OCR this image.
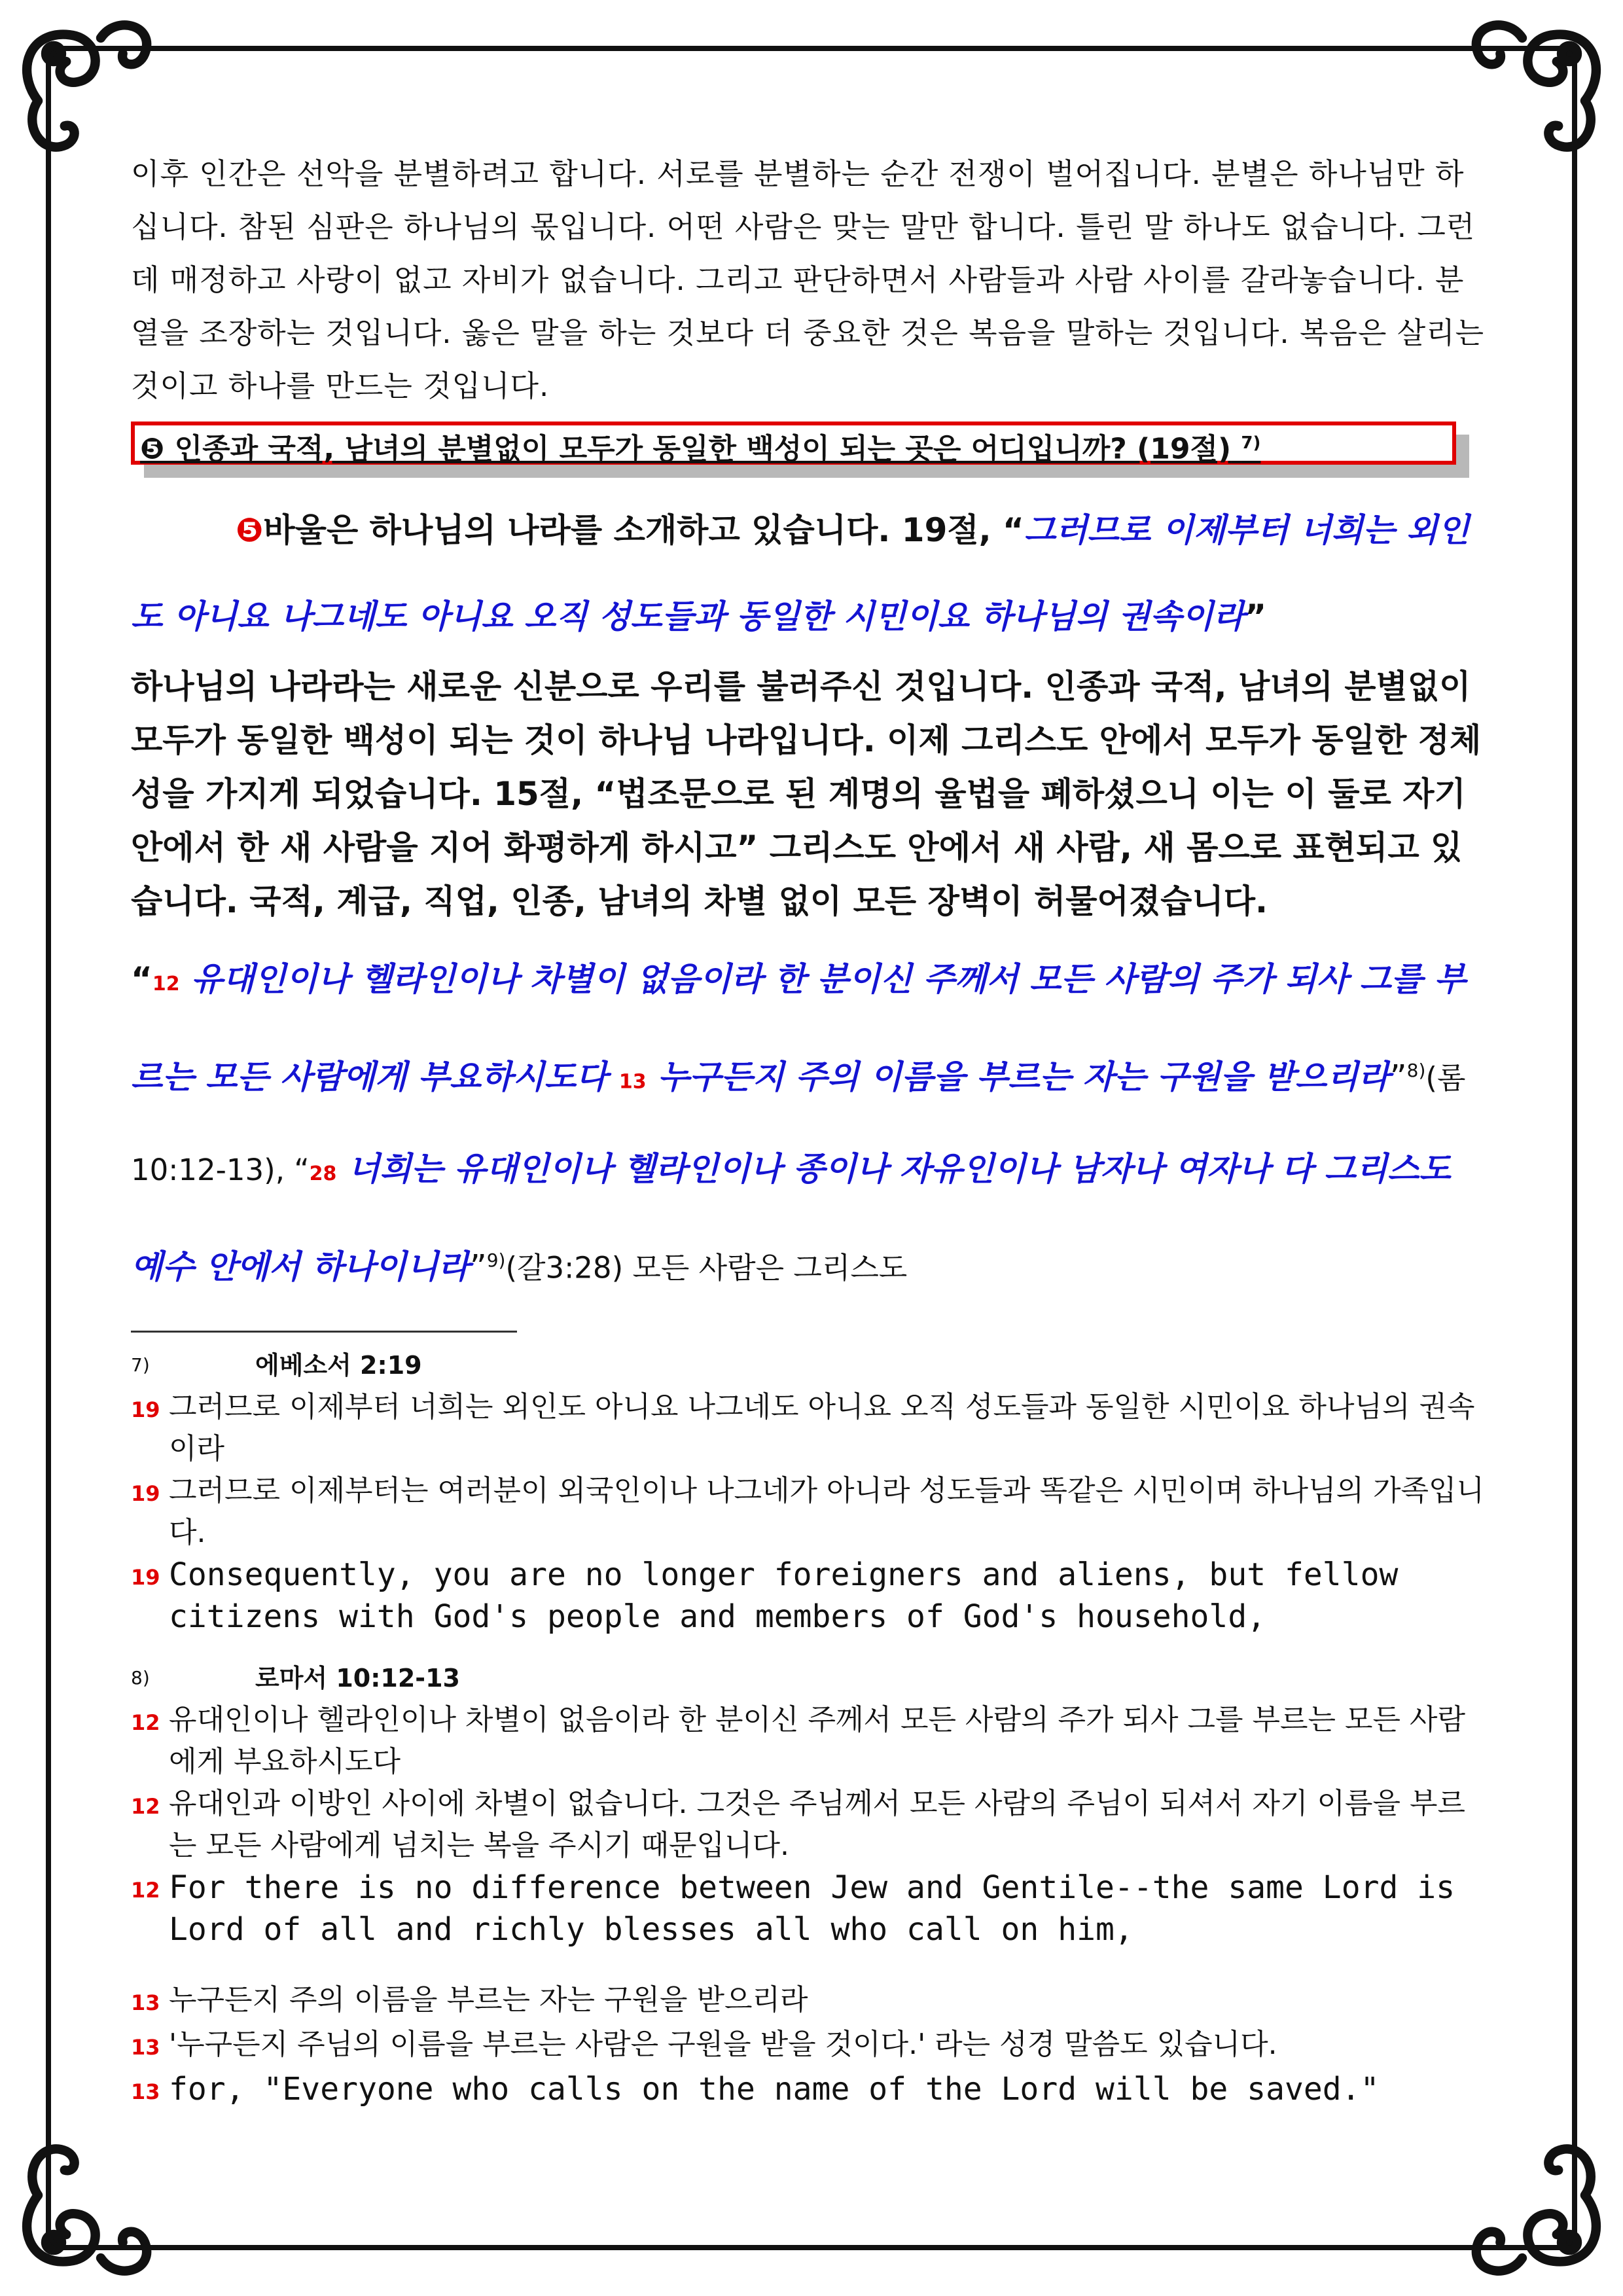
이후 인간은 선악을 분별하려고 합니다. 서로를 분별하는 순간 전쟁이 벌어집니다. 분별은 하나님만 하십니다. 참된 심판은 하나님의 몫입니다. 어떤 사람은 맞는 말만 합니다. 틀린 말 하나도 없습니다. 그런데 매정하고 사랑이 없고 자비가 없습니다. 그리고 판단하면서 사람들과 사람 사이를 갈라놓습니다. 분열을 조장하는 것입니다. 옳은 말을 하는 것보다 더 중요한 것은 복음을 말하는 것입니다. 복음은 살리는 것이고 하나를 만드는 것입니다.

❺ 인종과 국적, 남녀의 분별없이 모두가 동일한 백성이 되는 곳은 어디입니까? (19절) $^{7)}$

❺바울은 하나님의 나라를 소개하고 있습니다. 19절, “그러므로 이제부터 너희는 외인도 아니요 나그네도 아니요 오직 성도들과 동일한 시민이요 하나님의 권속이라”

하나님의 나라라는 새로운 신분으로 우리를 불러주신 것입니다. 인종과 국적, 남녀의 분별없이 모두가 동일한 백성이 되는 것이 하나님 나라입니다. 이제 그리스도 안에서 모두가 동일한 정체성을 가지게 되었습니다. 15절, “법조문으로 된 계명의 율법을 폐하셨으니 이는 이 둘로 자기 안에서 한 새 사람을 지어 화평하게 하시고” 그리스도 안에서 새 사람, 새 몸으로 표현되고 있습니다. 국적, 계급, 직업, 인종, 남녀의 차별 없이 모든 장벽이 허물어졌습니다.

“12 유대인이나 헬라인이나 차별이 없음이라 한 분이신 주께서 모든 사람의 주가 되사 그를 부르는 모든 사람에게 부요하시도다 13 누구든지 주의 이름을 부르는 자는 구원을 받으리라”$^{8)}$(롬10:12-13), “28 너희는 유대인이나 헬라인이나 종이나 자유인이나 남자나 여자나 다 그리스도 예수 안에서 하나이니라”$^{9)}$(갈3:28) 모든 사람은 그리스도

7)	에베소서 2:19
19 그러므로 이제부터 너희는 외인도 아니요 나그네도 아니요 오직 성도들과 동일한 시민이요 하나님의 권속이라
19 그러므로 이제부터는 여러분이 외국인이나 나그네가 아니라 성도들과 똑같은 시민이며 하나님의 가족입니다.
19 Consequently, you are no longer foreigners and aliens, but fellow citizens with God's people and members of God's household,
8)	로마서 10:12-13
12 유대인이나 헬라인이나 차별이 없음이라 한 분이신 주께서 모든 사람의 주가 되사 그를 부르는 모든 사람에게 부요하시도다
12 유대인과 이방인 사이에 차별이 없습니다. 그것은 주님께서 모든 사람의 주님이 되셔서 자기 이름을 부르는 모든 사람에게 넘치는 복을 주시기 때문입니다.
12 For there is no difference between Jew and Gentile--the same Lord is Lord of all and richly blesses all who call on him,
13 누구든지 주의 이름을 부르는 자는 구원을 받으리라
13 '누구든지 주님의 이름을 부르는 사람은 구원을 받을 것이다.' 라는 성경 말씀도 있습니다.
13 for, "Everyone who calls on the name of the Lord will be saved."
